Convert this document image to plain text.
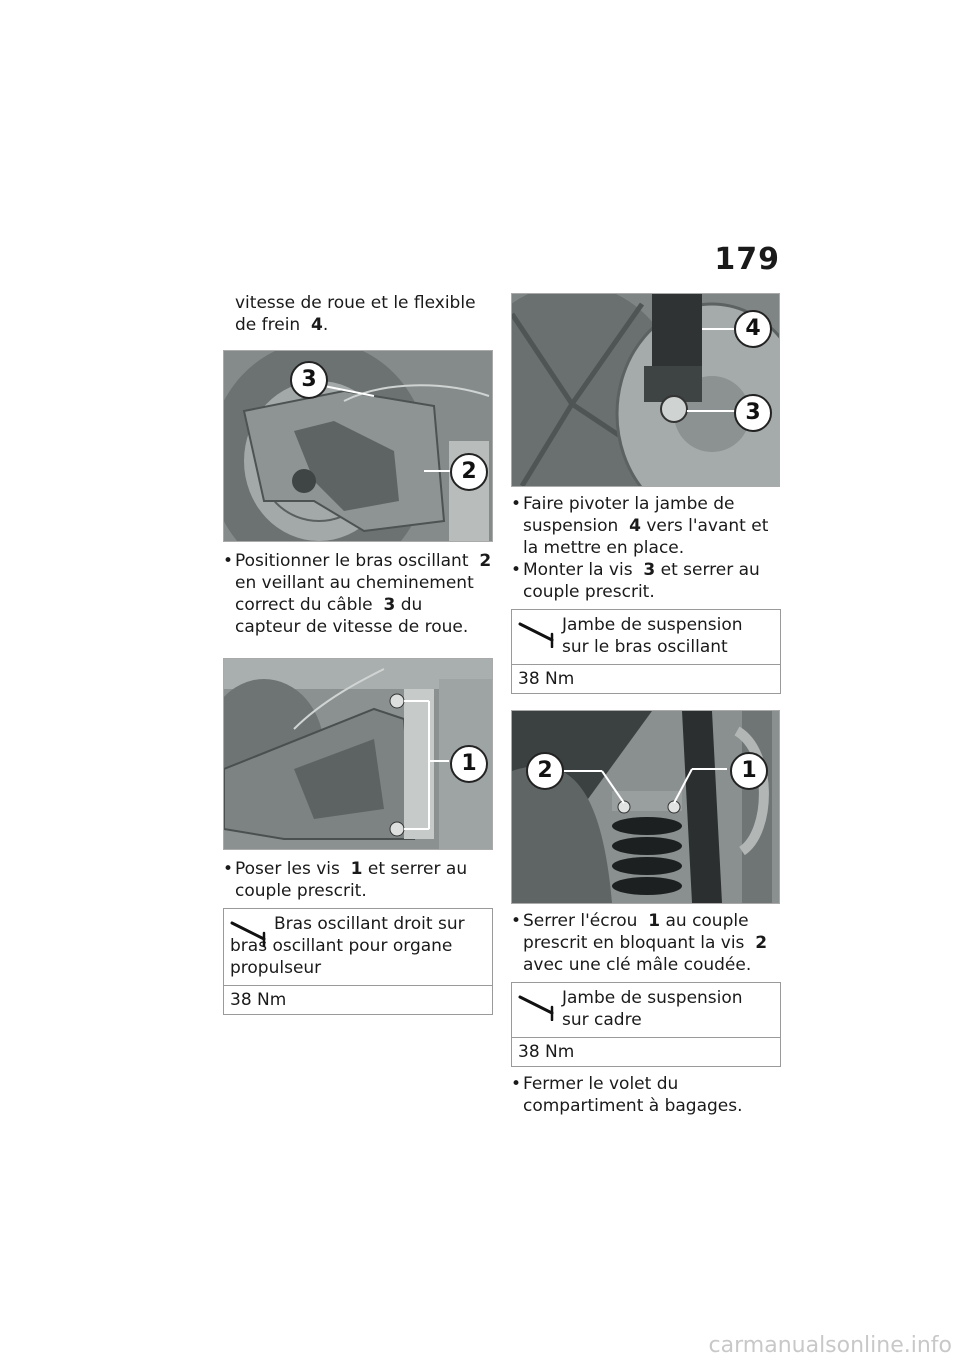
179
vitesse de roue et le flexible de frein 4.
3
2
• Positionner le bras oscillant 2 en veillant au cheminement correct du câble 3 du capteur de vitesse de roue.
1
• Poser les vis 1 et serrer au couple prescrit.
Bras oscillant droit sur bras oscillant pour organe propulseur
38 Nm
4
3
• Faire pivoter la jambe de suspension 4 vers l'avant et la mettre en place.
• Monter la vis 3 et serrer au couple prescrit.
Jambe de suspension sur le bras oscillant
38 Nm
2	1
• Serrer l'écrou 1 au couple prescrit en bloquant la vis 2 avec une clé mâle coudée.
Jambe de suspension sur cadre
38 Nm
• Fermer le volet du compartiment à bagages.
carmanualsonline.info
